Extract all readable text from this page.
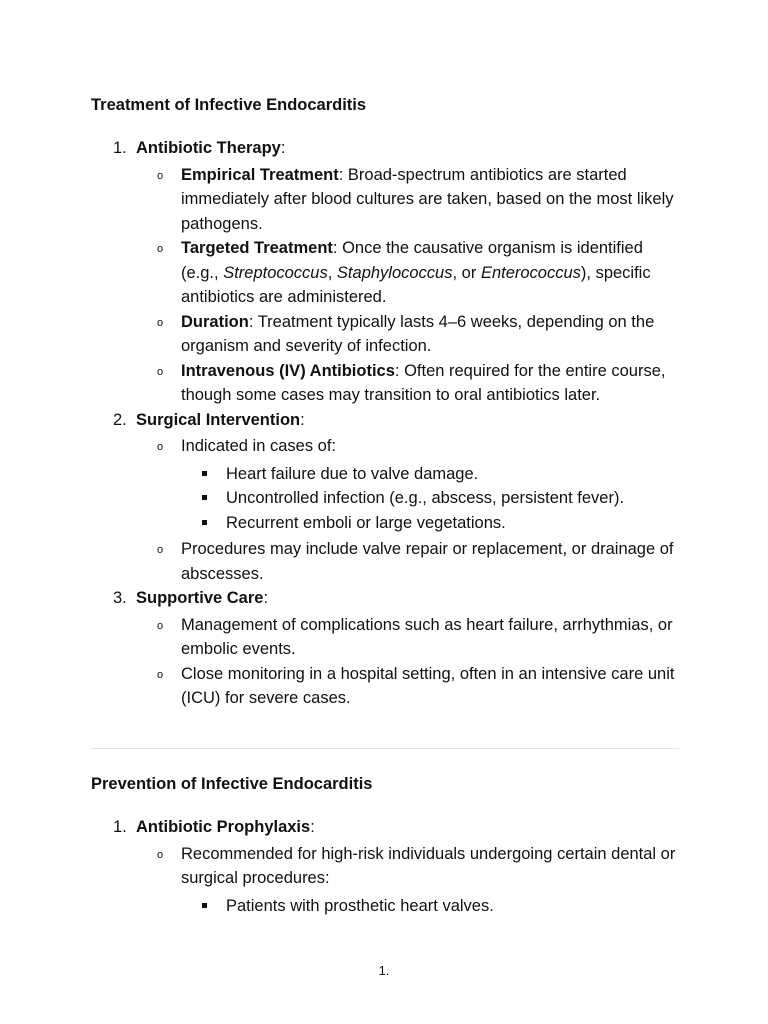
Treatment of Infective Endocarditis
1. Antibiotic Therapy:
o Empirical Treatment: Broad-spectrum antibiotics are started immediately after blood cultures are taken, based on the most likely pathogens.
o Targeted Treatment: Once the causative organism is identified (e.g., Streptococcus, Staphylococcus, or Enterococcus), specific antibiotics are administered.
o Duration: Treatment typically lasts 4–6 weeks, depending on the organism and severity of infection.
o Intravenous (IV) Antibiotics: Often required for the entire course, though some cases may transition to oral antibiotics later.
2. Surgical Intervention:
o Indicated in cases of:
Heart failure due to valve damage.
Uncontrolled infection (e.g., abscess, persistent fever).
Recurrent emboli or large vegetations.
o Procedures may include valve repair or replacement, or drainage of abscesses.
3. Supportive Care:
o Management of complications such as heart failure, arrhythmias, or embolic events.
o Close monitoring in a hospital setting, often in an intensive care unit (ICU) for severe cases.
Prevention of Infective Endocarditis
1. Antibiotic Prophylaxis:
o Recommended for high-risk individuals undergoing certain dental or surgical procedures:
Patients with prosthetic heart valves.
1.
